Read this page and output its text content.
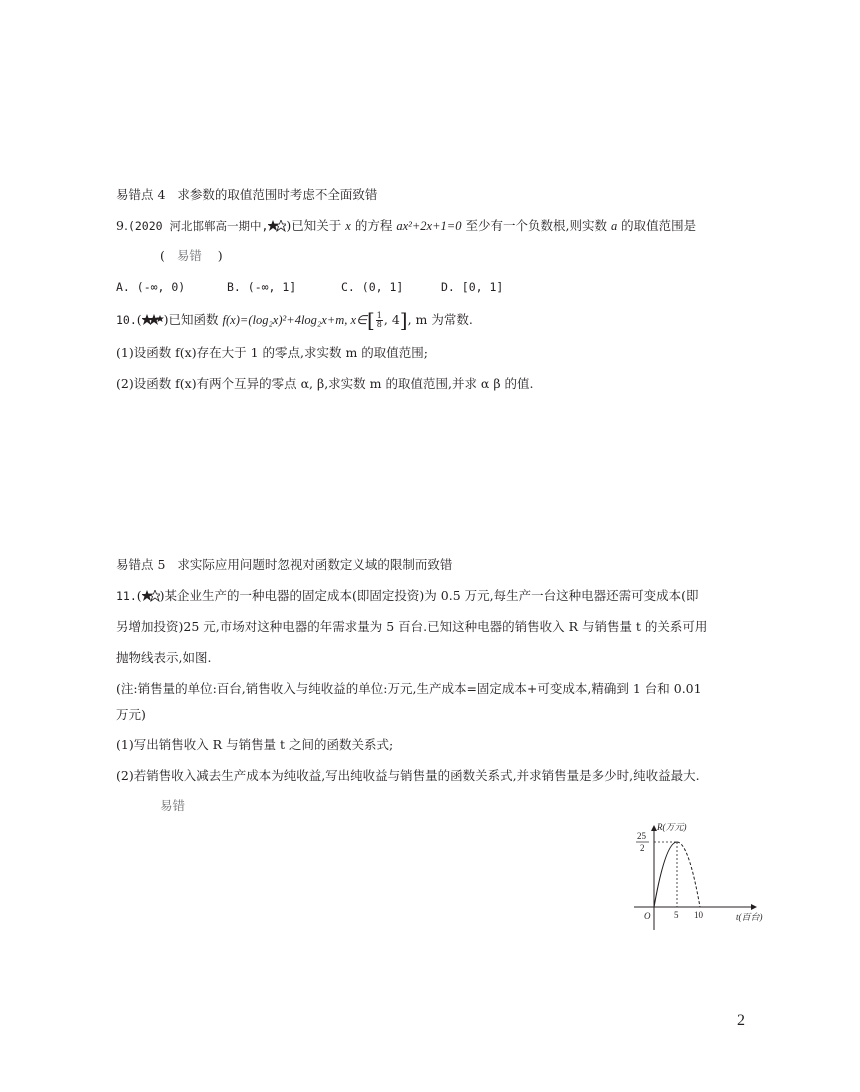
易错点 4 求参数的取值范围时考虑不全面致错
9.(2020 河北邯郸高一期中, )已知关于 x 的方程 ax²+2x+1=0 至少有一个负数根,则实数 a 的取值范围是
( 易错 )
A. (-∞, 0)	B. (-∞, 1]	C. (0, 1]	D. [0, 1]
10.( )已知函数 f(x)=(log₂x)²+4log₂x+m, x∈[ $\frac{1}{8}$ , 4], m 为常数.
(1)设函数 f(x)存在大于 1 的零点,求实数 m 的取值范围;
(2)设函数 f(x)有两个互异的零点 α, β,求实数 m 的取值范围,并求 α β 的值.
易错点 5 求实际应用问题时忽视对函数定义域的限制而致错
11.( )某企业生产的一种电器的固定成本(即固定投资)为 0.5 万元,每生产一台这种电器还需可变成本(即
另增加投资)25 元,市场对这种电器的年需求量为 5 百台.已知这种电器的销售收入 R 与销售量 t 的关系可用
抛物线表示,如图.
(注:销售量的单位:百台,销售收入与纯收益的单位:万元,生产成本=固定成本+可变成本,精确到 1 台和 0.01
万元)
(1)写出销售收入 R 与销售量 t 之间的函数关系式;
(2)若销售收入减去生产成本为纯收益,写出纯收益与销售量的函数关系式,并求销售量是多少时,纯收益最大.
易错
R(万元)
25
2
O	5 10	t(百台)
2
